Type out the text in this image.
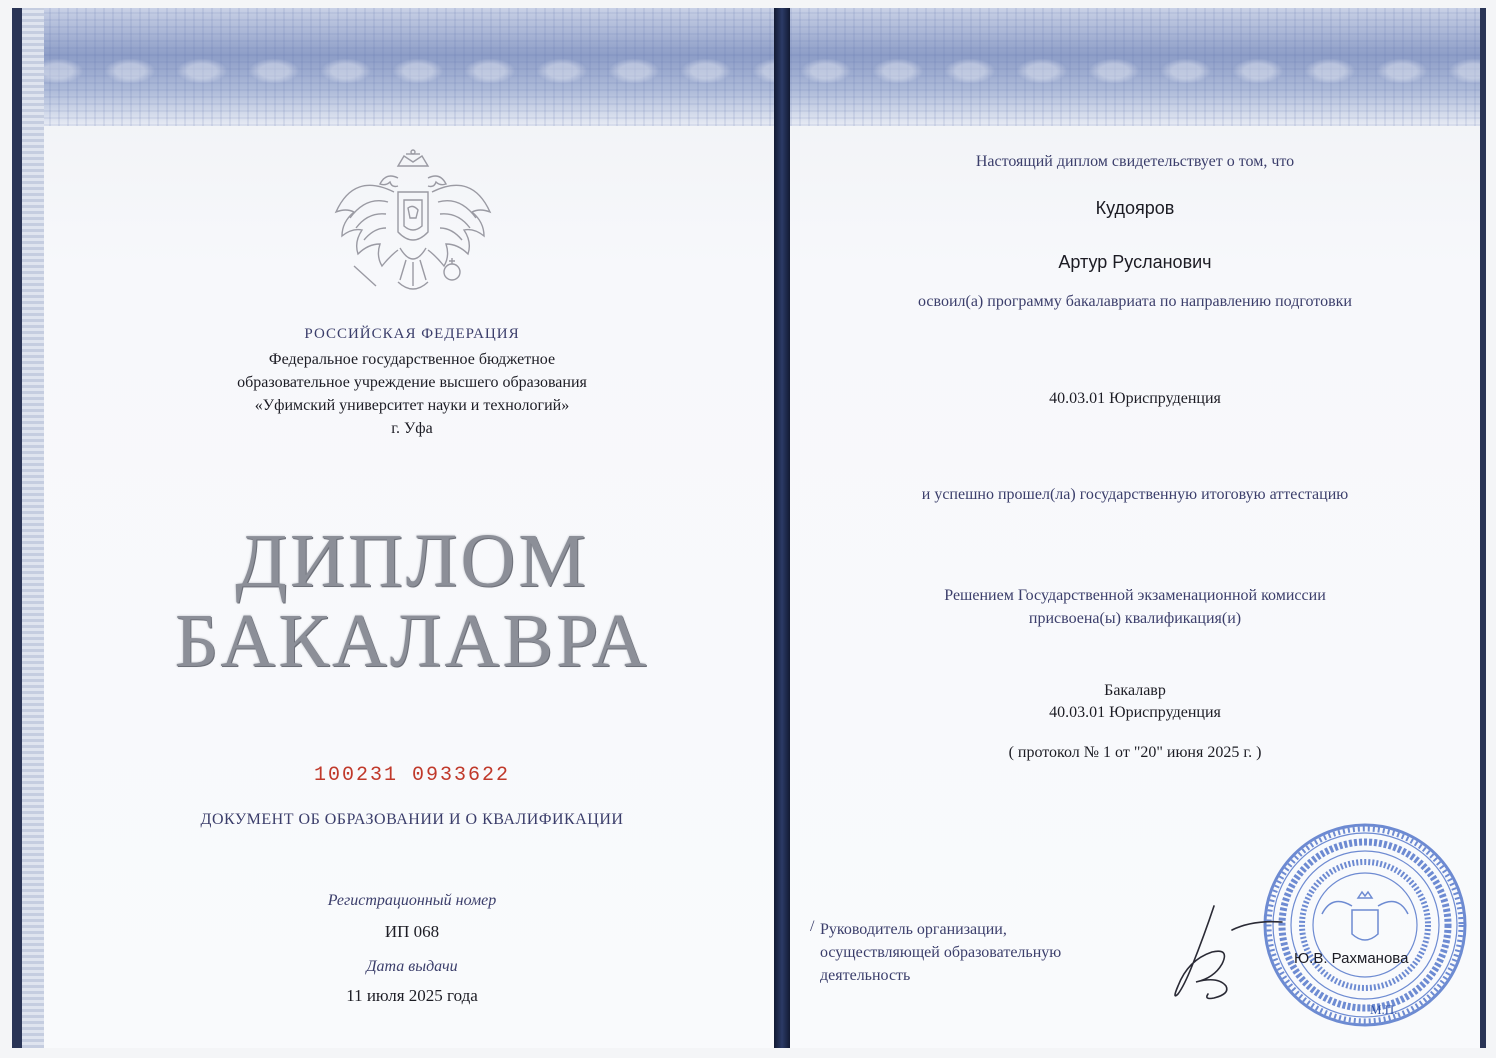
РОССИЙСКАЯ ФЕДЕРАЦИЯ
Федеральное государственное бюджетное
образовательное учреждение высшего образования
«Уфимский университет науки и технологий»
г. Уфа
ДИПЛОМ
БАКАЛАВРА
100231 0933622
ДОКУМЕНТ ОБ ОБРАЗОВАНИИ И О КВАЛИФИКАЦИИ
Регистрационный номер
ИП 068
Дата выдачи
11 июля 2025 года
Настоящий диплом свидетельствует о том, что
Кудояров
Артур Русланович
освоил(а) программу бакалавриата по направлению подготовки
40.03.01 Юриспруденция
и успешно прошел(ла) государственную итоговую аттестацию
Решением Государственной экзаменационной комиссии
присвоена(ы) квалификация(и)
Бакалавр
40.03.01 Юриспруденция
( протокол № 1 от "20" июня 2025 г. )
/ Руководитель организации,
осуществляющей образовательную
деятельность
Ю.В. Рахманова
М.П.
